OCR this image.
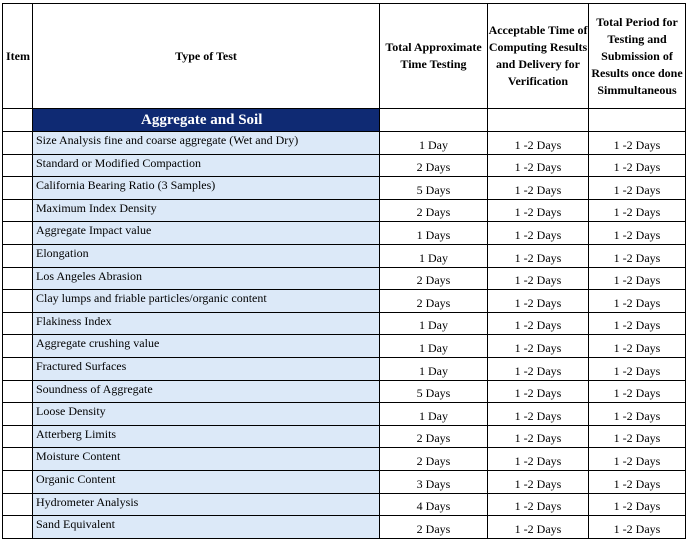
Item	Type of Test	Total Approximate Time Testing	Acceptable Time of Computing Results and Delivery for Verification	Total Period for Testing and Submission of Results once done Simmultaneous
	Aggregate and Soil			
	Size Analysis fine and coarse aggregate (Wet and Dry)	1 Day	1 -2 Days	1 -2 Days
	Standard or Modified Compaction	2 Days	1 -2 Days	1 -2 Days
	California Bearing Ratio (3 Samples)	5 Days	1 -2 Days	1 -2 Days
	Maximum Index Density	2 Days	1 -2 Days	1 -2 Days
	Aggregate Impact value	1 Days	1 -2 Days	1 -2 Days
	Elongation	1 Day	1 -2 Days	1 -2 Days
	Los Angeles Abrasion	2 Days	1 -2 Days	1 -2 Days
	Clay lumps and friable particles/organic content	2 Days	1 -2 Days	1 -2 Days
	Flakiness Index	1 Day	1 -2 Days	1 -2 Days
	Aggregate crushing value	1 Day	1 -2 Days	1 -2 Days
	Fractured Surfaces	1 Day	1 -2 Days	1 -2 Days
	Soundness of Aggregate	5 Days	1 -2 Days	1 -2 Days
	Loose Density	1 Day	1 -2 Days	1 -2 Days
	Atterberg Limits	2 Days	1 -2 Days	1 -2 Days
	Moisture Content	2 Days	1 -2 Days	1 -2 Days
	Organic Content	3 Days	1 -2 Days	1 -2 Days
	Hydrometer Analysis	4 Days	1 -2 Days	1 -2 Days
	Sand Equivalent	2 Days	1 -2 Days	1 -2 Days
